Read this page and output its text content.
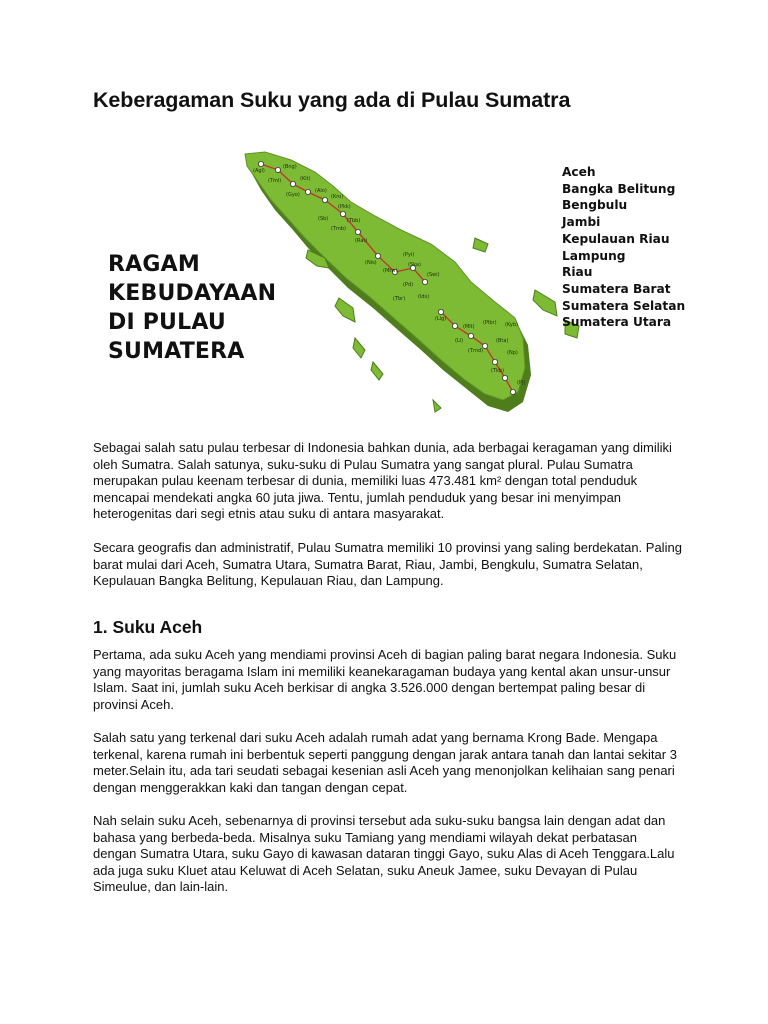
Keberagaman Suku yang ada di Pulau Sumatra
(Agl)
(Bng)
(Tmi)	(Kit)
(Gyo)
(Alo)
(Kro)
(Tbb)
(Pkk)
(Sb)
(Tmb)
(Rat)
(Nis)
(Pyi)
(Ska)
(Swi)
(Mtw)
(Pd)
(Ids)
(Tbr)
(Lig)
(Mlt)
(Plbr) (Kyb)
(Ll)
(Tmd)
(Bta)
(Np)
(Tkb)
(Pj)
RAGAM
KEBUDAYAAN
DI PULAU
SUMATERA
Aceh
Bangka Belitung
Bengbulu
Jambi
Kepulauan Riau
Lampung
Riau
Sumatera Barat
Sumatera Selatan
Sumatera Utara

Sebagai salah satu pulau terbesar di Indonesia bahkan dunia, ada berbagai keragaman yang dimiliki oleh Sumatra. Salah satunya, suku-suku di Pulau Sumatra yang sangat plural. Pulau Sumatra merupakan pulau keenam terbesar di dunia, memiliki luas 473.481 km² dengan total penduduk mencapai mendekati angka 60 juta jiwa. Tentu, jumlah penduduk yang besar ini menyimpan heterogenitas dari segi etnis atau suku di antara masyarakat.

Secara geografis dan administratif, Pulau Sumatra memiliki 10 provinsi yang saling berdekatan. Paling barat mulai dari Aceh, Sumatra Utara, Sumatra Barat, Riau, Jambi, Bengkulu, Sumatra Selatan, Kepulauan Bangka Belitung, Kepulauan Riau, dan Lampung.

1. Suku Aceh

Pertama, ada suku Aceh yang mendiami provinsi Aceh di bagian paling barat negara Indonesia. Suku yang mayoritas beragama Islam ini memiliki keanekaragaman budaya yang kental akan unsur-unsur Islam. Saat ini, jumlah suku Aceh berkisar di angka 3.526.000 dengan bertempat paling besar di provinsi Aceh.

Salah satu yang terkenal dari suku Aceh adalah rumah adat yang bernama Krong Bade. Mengapa terkenal, karena rumah ini berbentuk seperti panggung dengan jarak antara tanah dan lantai sekitar 3 meter.Selain itu, ada tari seudati sebagai kesenian asli Aceh yang menonjolkan kelihaian sang penari dengan menggerakkan kaki dan tangan dengan cepat.

Nah selain suku Aceh, sebenarnya di provinsi tersebut ada suku-suku bangsa lain dengan adat dan bahasa yang berbeda-beda. Misalnya suku Tamiang yang mendiami wilayah dekat perbatasan dengan Sumatra Utara, suku Gayo di kawasan dataran tinggi Gayo, suku Alas di Aceh Tenggara.Lalu ada juga suku Kluet atau Keluwat di Aceh Selatan, suku Aneuk Jamee, suku Devayan di Pulau Simeulue, dan lain-lain.
